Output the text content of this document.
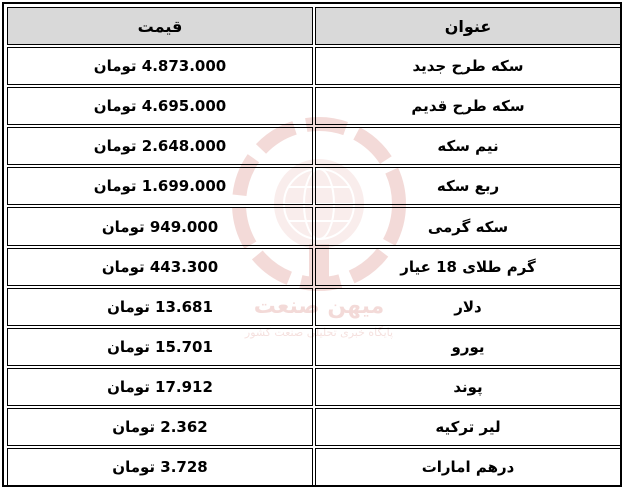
میهن صنعت
پایگاه خبری تحلیلی صنعت کشور
قیمت	عنوان
4.873.000 تومان	سکه طرح جدید
4.695.000 تومان	سکه طرح قدیم
2.648.000 تومان	نیم سکه
1.699.000 تومان	ربع سکه
949.000 تومان	سکه گرمی
443.300 تومان	گرم طلای 18 عیار
13.681 تومان	دلار
15.701 تومان	یورو
17.912 تومان	پوند
2.362 تومان	لیر ترکیه
3.728 تومان	درهم امارات
